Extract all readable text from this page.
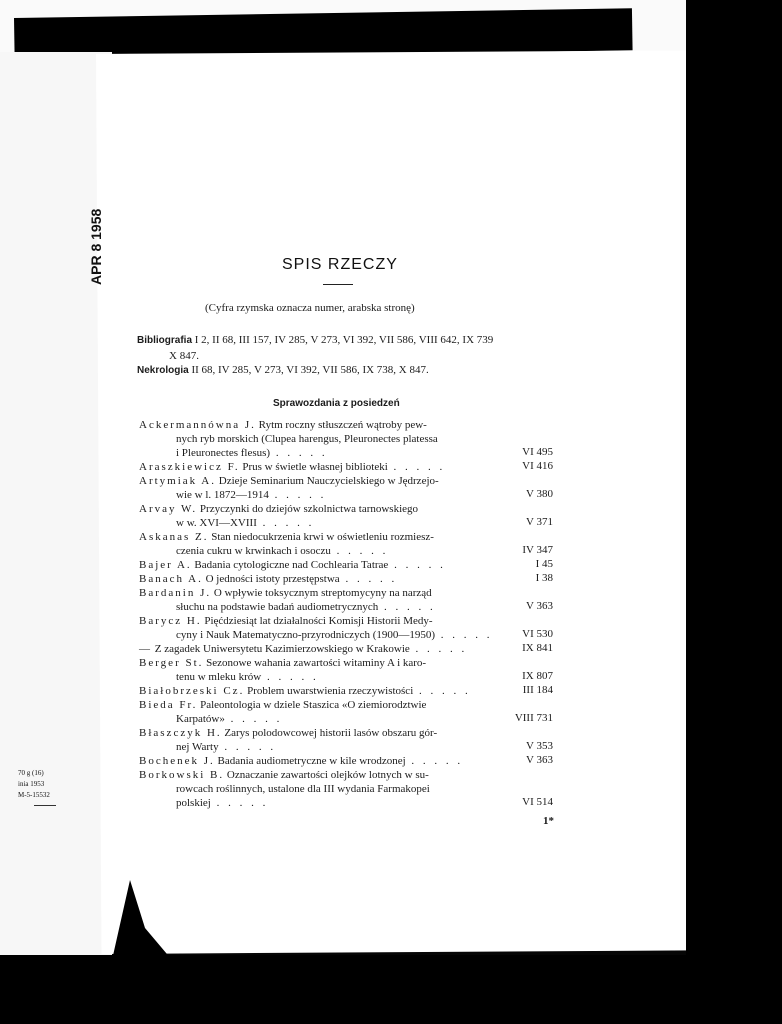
70 g (16)
inia 1953
M-5-15532
APR 8 1958	SPIS RZECZY
(Cyfra rzymska oznacza numer, arabska stronę)
Bibliografia I 2, II 68, III 157, IV 285, V 273, VI 392, VII 586, VIII 642, IX 739
X 847.
Nekrologia II 68, IV 285, V 273, VI 392, VII 586, IX 738, X 847.
Sprawozdania z posiedzeń
Ackermannówna J. Rytm roczny stłuszczeń wątroby pew-
nych ryb morskich (Clupea harengus, Pleuronectes platessa
VI 495
i Pleuronectes flesus) . . . . .
VI 416
Araszkiewicz F. Prus w świetle własnej biblioteki . . . . .
Artymiak A. Dzieje Seminarium Nauczycielskiego w Jędrzejo-
V 380
wie w l. 1872—1914 . . . . .
Arvay W. Przyczynki do dziejów szkolnictwa tarnowskiego
V 371
w w. XVI—XVIII . . . . .
Askanas Z. Stan niedocukrzenia krwi w oświetleniu rozmiesz-
IV 347
czenia cukru w krwinkach i osoczu . . . . .
I 45
Bajer A. Badania cytologiczne nad Cochlearia Tatrae . . . . .
I 38
Banach A. O jedności istoty przestępstwa . . . . .
Bardanin J. O wpływie toksycznym streptomycyny na narząd
V 363
słuchu na podstawie badań audiometrycznych . . . . .
Barycz H. Pięćdziesiąt lat działalności Komisji Historii Medy-
VI 530
cyny i Nauk Matematyczno-przyrodniczych (1900—1950) . . . . .
IX 841
— Z zagadek Uniwersytetu Kazimierzowskiego w Krakowie . . . . .
Berger St. Sezonowe wahania zawartości witaminy A i karo-
IX 807
tenu w mleku krów . . . . .
III 184
Białobrzeski Cz. Problem uwarstwienia rzeczywistości . . . . .
Bieda Fr. Paleontologia w dziele Staszica «O ziemiorodztwie
VIII 731
Karpatów» . . . . .
Błaszczyk H. Zarys polodowcowej historii lasów obszaru gór-
V 353
nej Warty . . . . .
V 363
Bochenek J. Badania audiometryczne w kile wrodzonej . . . . .
Borkowski B. Oznaczanie zawartości olejków lotnych w su-
rowcach roślinnych, ustalone dla III wydania Farmakopei
VI 514
polskiej . . . . .
1*
